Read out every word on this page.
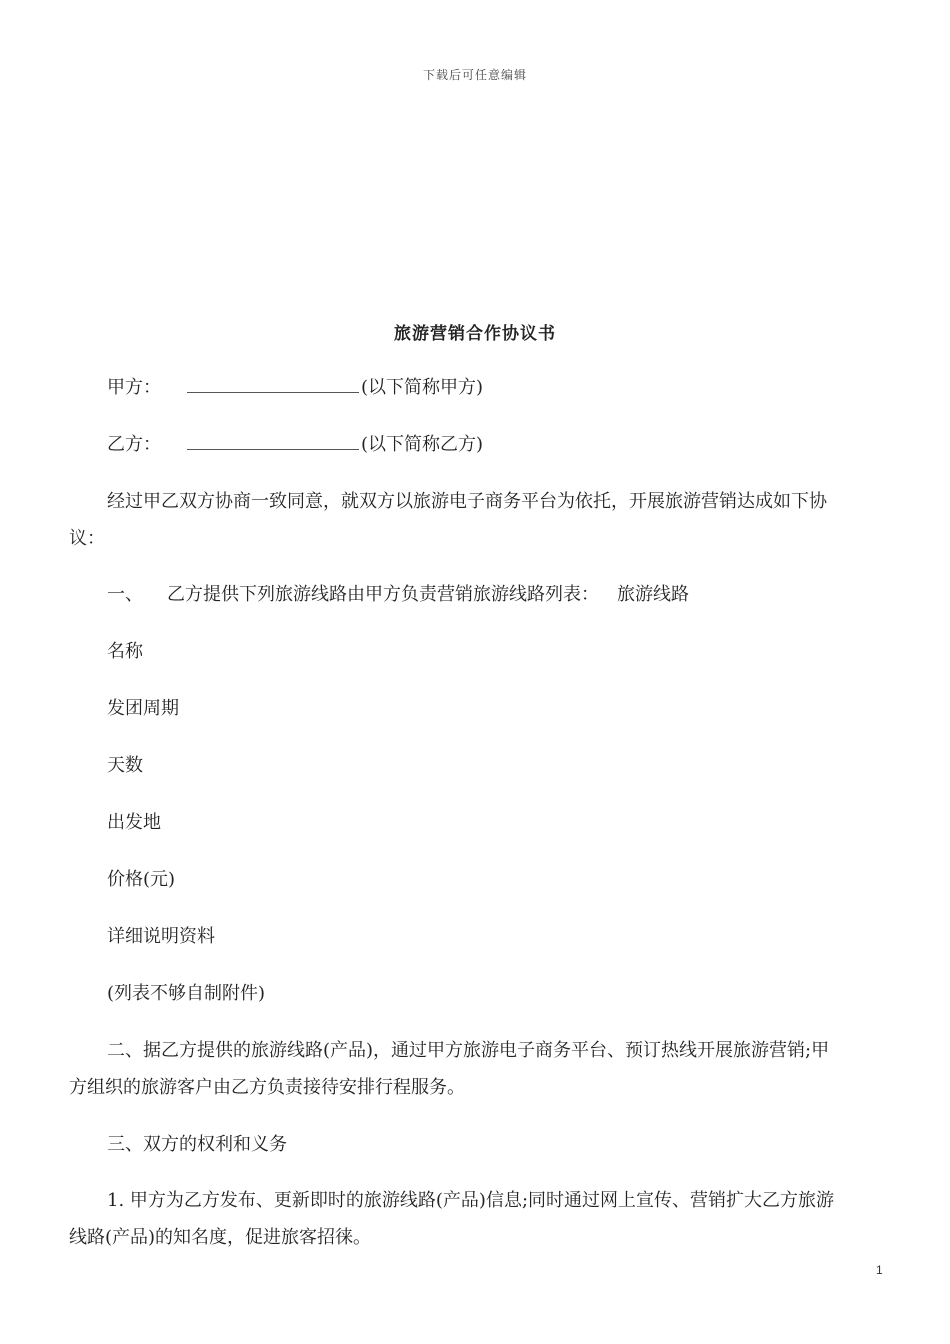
下载后可任意编辑
旅游营销合作协议书
甲方：	(以下简称甲方)
乙方：	(以下简称乙方)
经过甲乙双方协商一致同意，就双方以旅游电子商务平台为依托，开展旅游营销达成如下协
议：
一、 乙方提供下列旅游线路由甲方负责营销旅游线路列表： 旅游线路
名称
发团周期
天数
出发地
价格(元)
详细说明资料
(列表不够自制附件)
二、据乙方提供的旅游线路(产品)，通过甲方旅游电子商务平台、预订热线开展旅游营销;甲
方组织的旅游客户由乙方负责接待安排行程服务。
三、双方的权利和义务
1. 甲方为乙方发布、更新即时的旅游线路(产品)信息;同时通过网上宣传、营销扩大乙方旅游
线路(产品)的知名度，促进旅客招徕。
1
